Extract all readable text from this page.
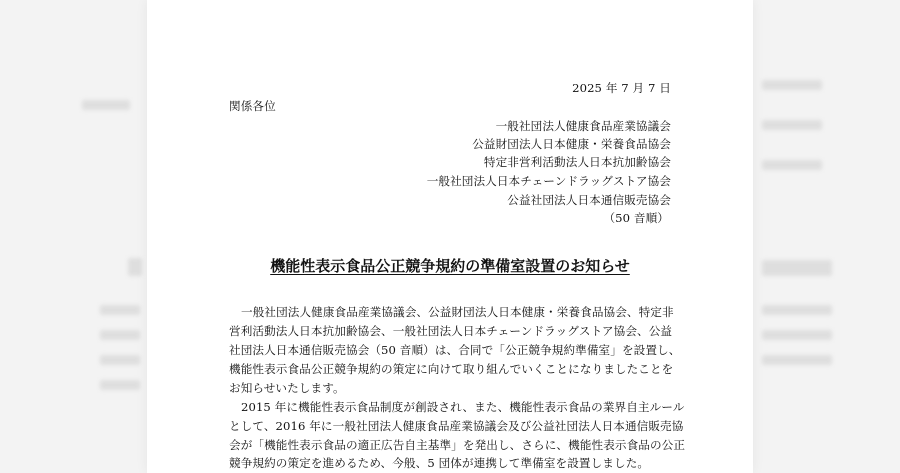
2025 年 7 月 7 日
関係各位
一般社団法人健康食品産業協議会
公益財団法人日本健康・栄養食品協会
特定非営利活動法人日本抗加齢協会
一般社団法人日本チェーンドラッグストア協会
公益社団法人日本通信販売協会
（50 音順）
機能性表示食品公正競争規約の準備室設置のお知らせ
一般社団法人健康食品産業協議会、公益財団法人日本健康・栄養食品協会、特定非
営利活動法人日本抗加齢協会、一般社団法人日本チェーンドラッグストア協会、公益
社団法人日本通信販売協会（50 音順）は、合同で「公正競争規約準備室」を設置し、
機能性表示食品公正競争規約の策定に向けて取り組んでいくことになりましたことを
お知らせいたします。
2015 年に機能性表示食品制度が創設され、また、機能性表示食品の業界自主ルール
として、2016 年に一般社団法人健康食品産業協議会及び公益社団法人日本通信販売協
会が「機能性表示食品の適正広告自主基準」を発出し、さらに、機能性表示食品の公正
競争規約の策定を進めるため、今般、5 団体が連携して準備室を設置しました。
